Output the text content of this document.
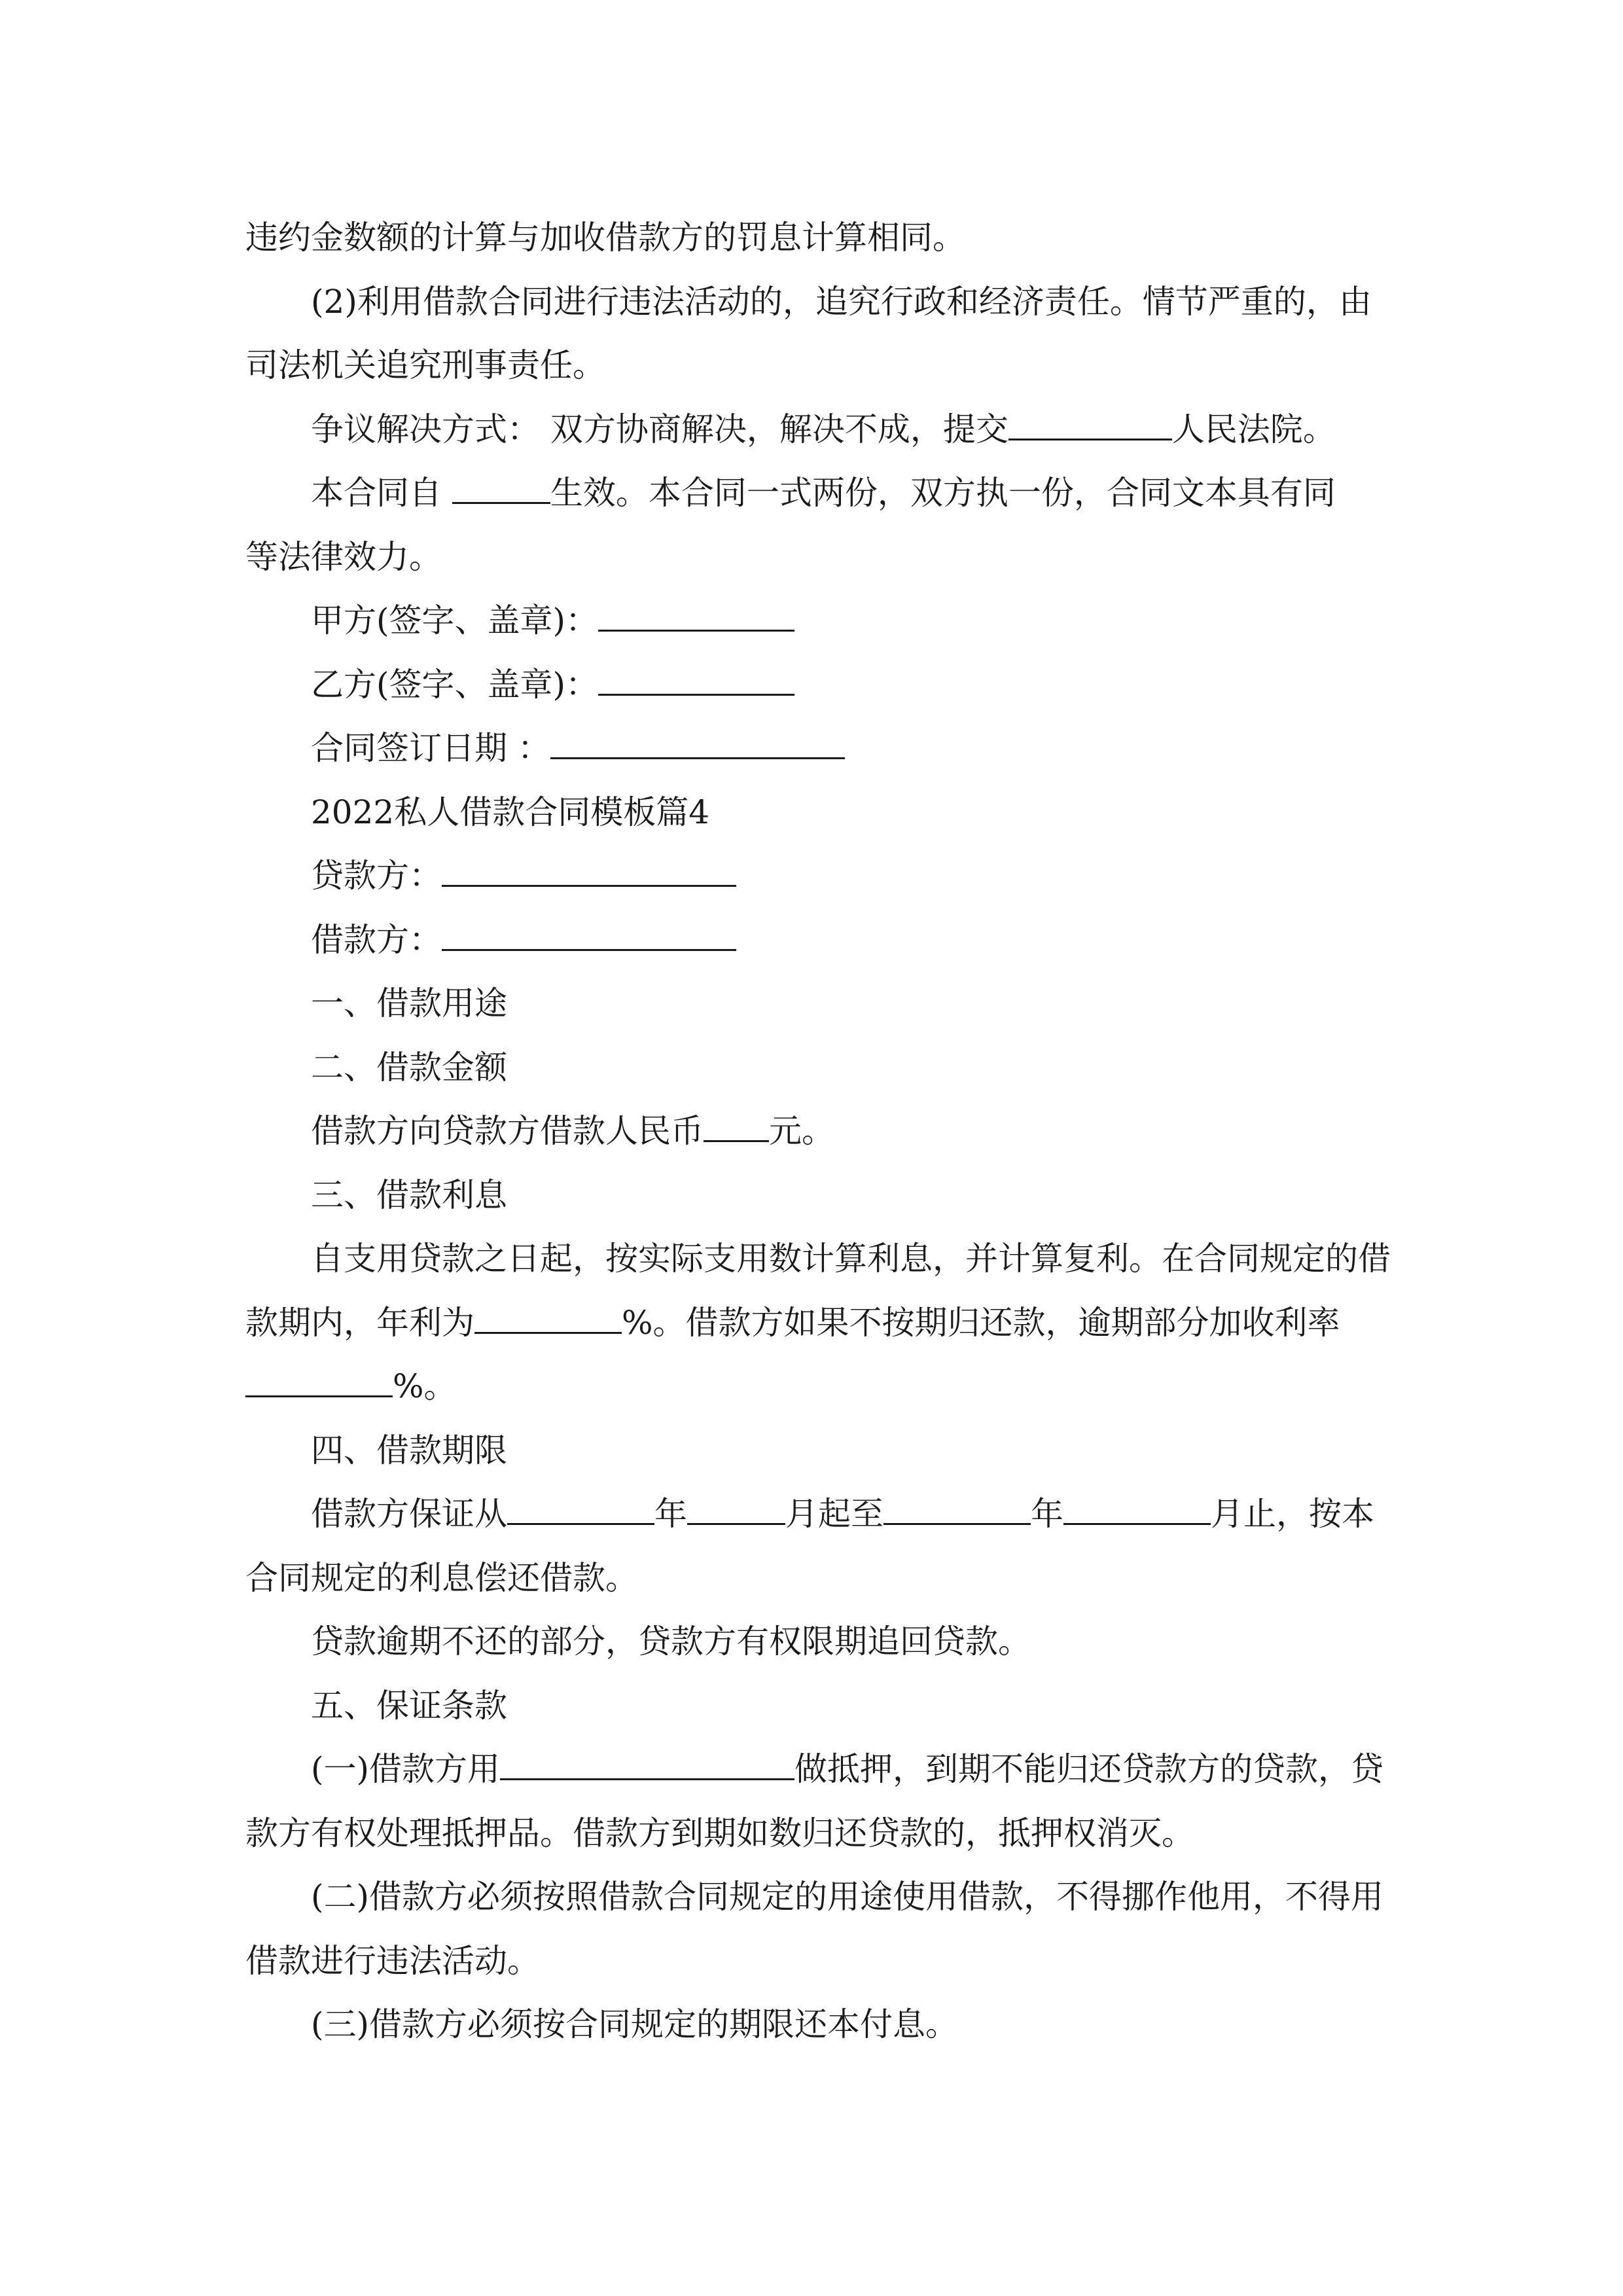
违约金数额的计算与加收借款方的罚息计算相同。
(2)利用借款合同进行违法活动的，追究行政和经济责任。情节严重的，由
司法机关追究刑事责任。
争议解决方式： 双方协商解决，解决不成，提交	人民法院。
本合同自	生效。本合同一式两份，双方执一份，合同文本具有同
等法律效力。
甲方(签字、盖章)：
乙方(签字、盖章)：
合同签订日期 ：
2022私人借款合同模板篇4
贷款方：
借款方：
一、借款用途
二、借款金额
借款方向贷款方借款人民币 元。
三、借款利息
自支用贷款之日起，按实际支用数计算利息，并计算复利。在合同规定的借
款期内，年利为	%。借款方如果不按期归还款，逾期部分加收利率
%。
四、借款期限
借款方保证从	年	月起至	年	月止，按本
合同规定的利息偿还借款。
贷款逾期不还的部分，贷款方有权限期追回贷款。
五、保证条款
(一)借款方用	做抵押，到期不能归还贷款方的贷款，贷
款方有权处理抵押品。借款方到期如数归还贷款的，抵押权消灭。
(二)借款方必须按照借款合同规定的用途使用借款，不得挪作他用，不得用
借款进行违法活动。
(三)借款方必须按合同规定的期限还本付息。
